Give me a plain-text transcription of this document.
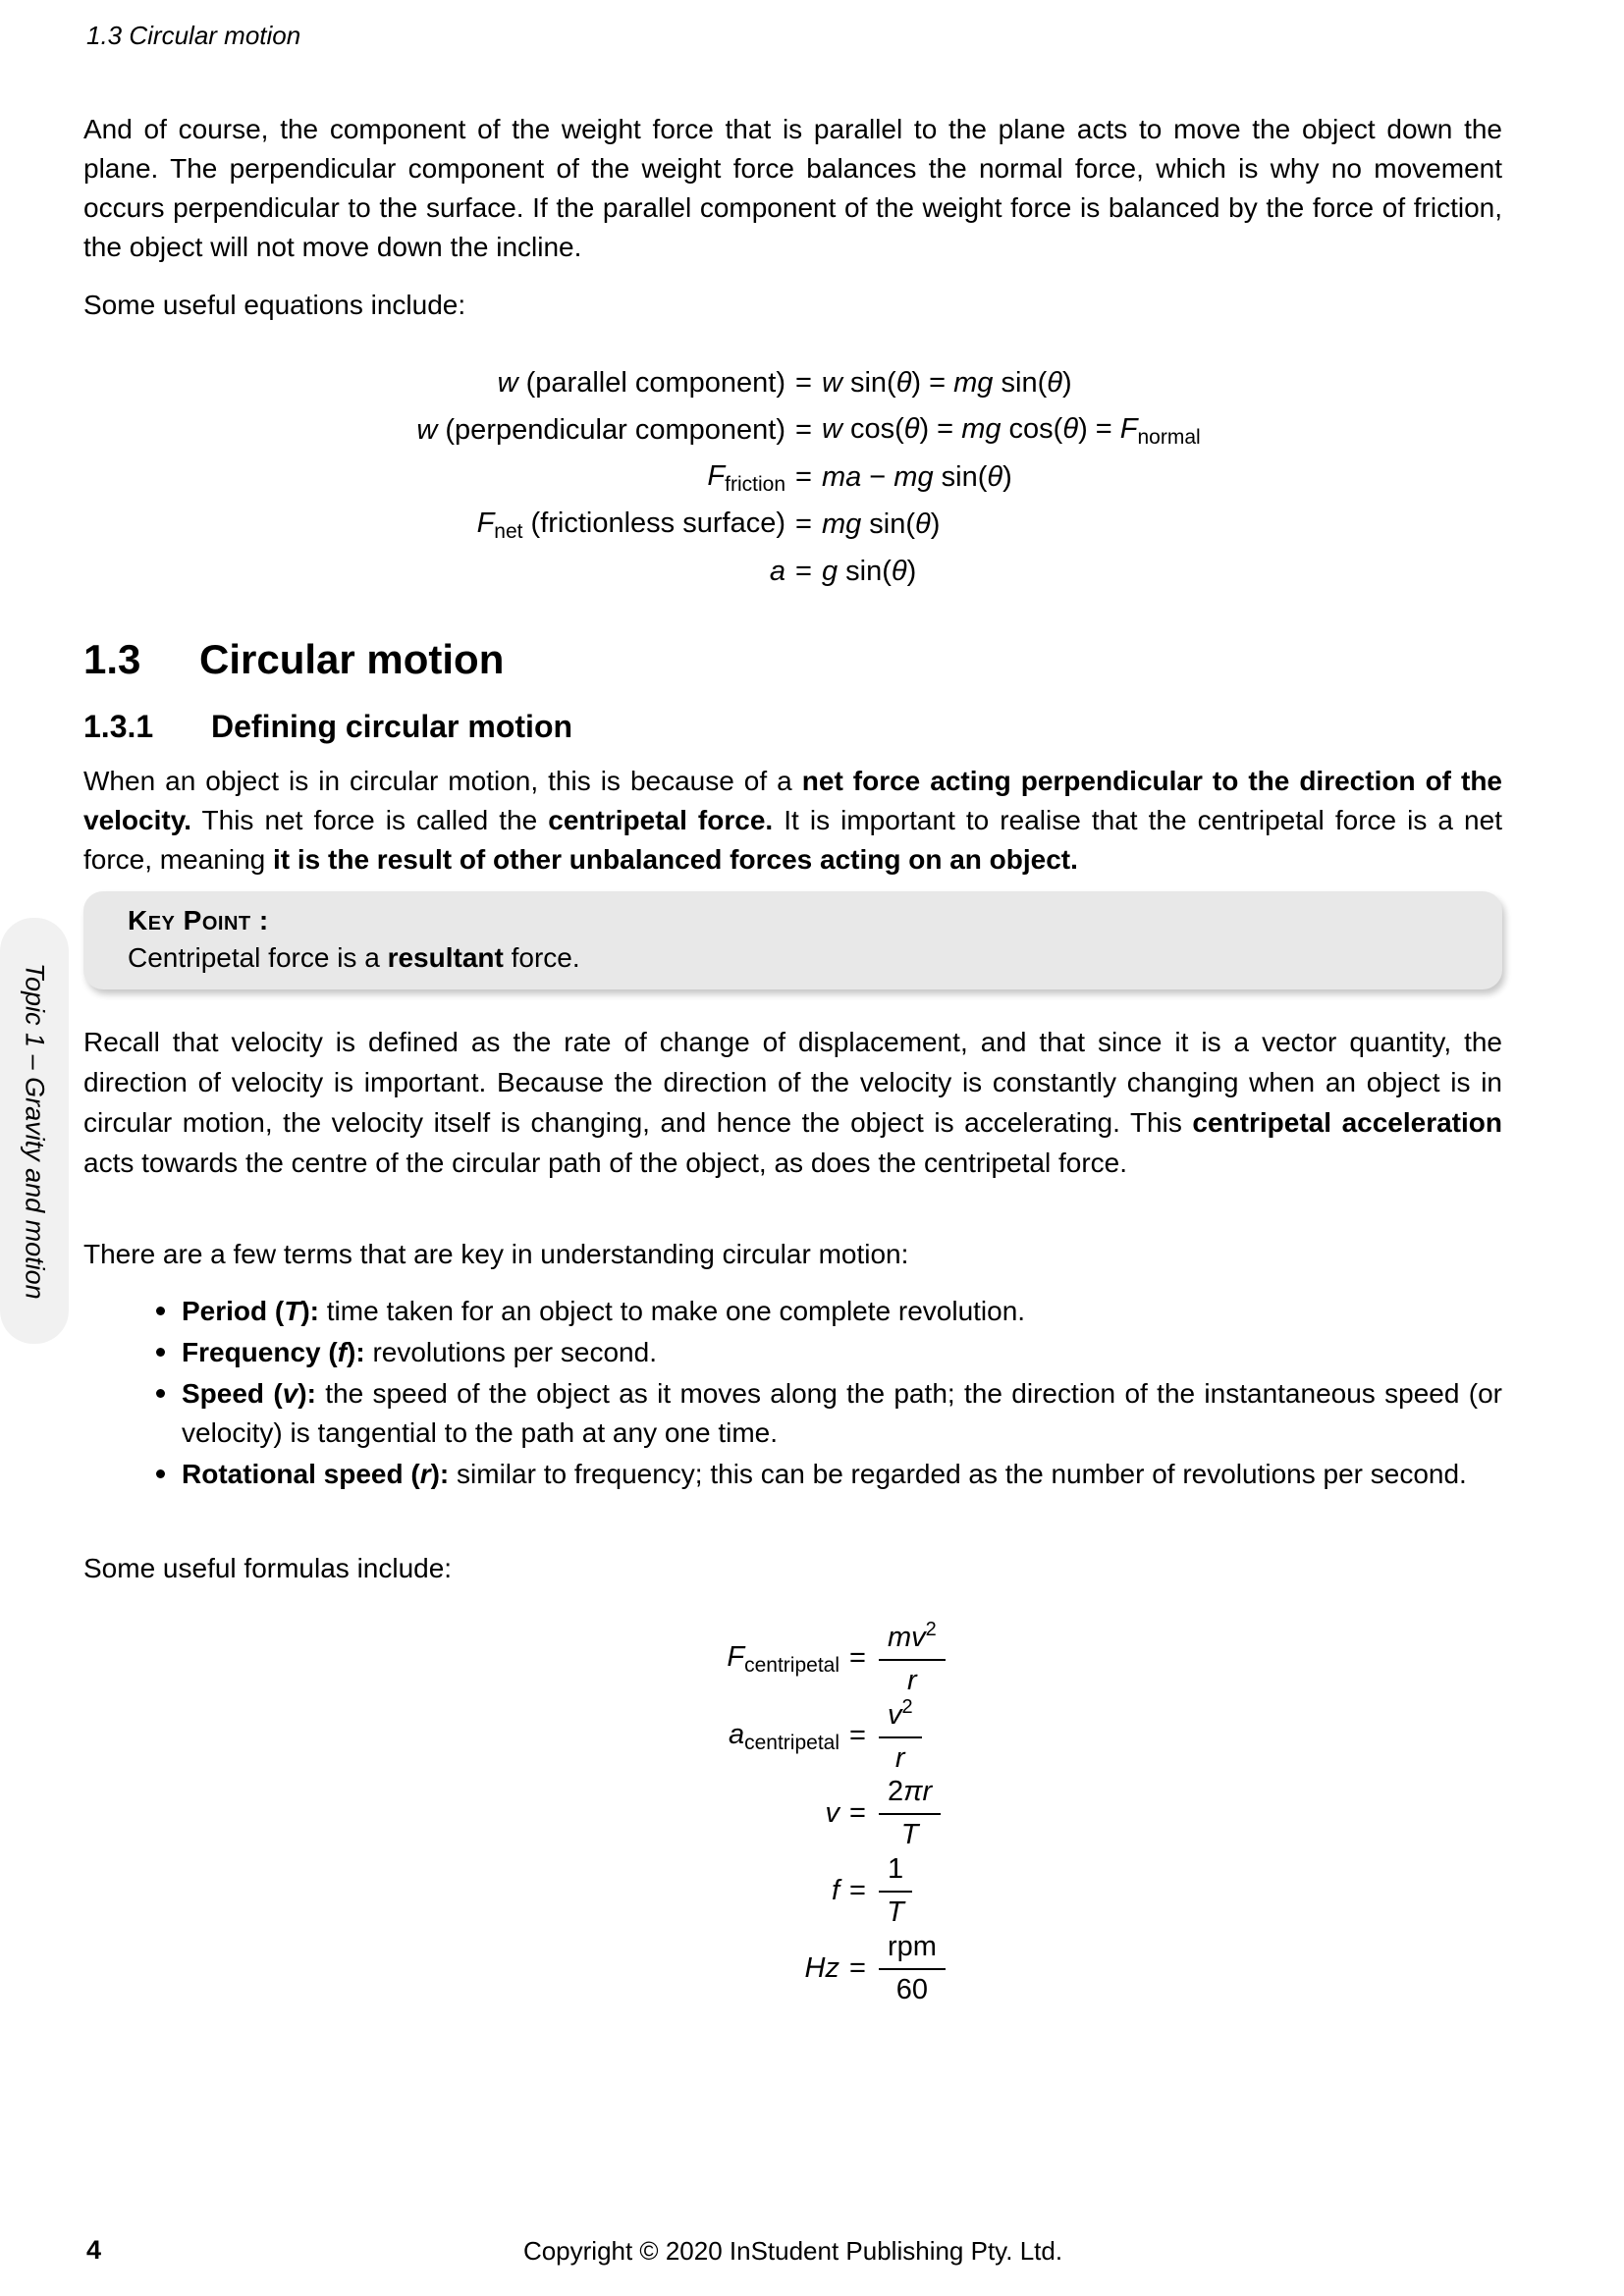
1.3 Circular motion
And of course, the component of the weight force that is parallel to the plane acts to move the object down the plane. The perpendicular component of the weight force balances the normal force, which is why no movement occurs perpendicular to the surface. If the parallel component of the weight force is balanced by the force of friction, the object will not move down the incline.
Some useful equations include:
w (parallel component) = w sin(θ) = mg sin(θ)
w (perpendicular component) = w cos(θ) = mg $\cos(\theta) = F_{normal}$
$F_{friction}$ = ma − mg sin(θ)
$F_{net}$ (frictionless surface) = mg sin(θ)
a = g sin(θ)
1.3	Circular motion
1.3.1	Defining circular motion
When an object is in circular motion, this is because of a net force acting perpendicular to the direction of the velocity. This net force is called the centripetal force. It is important to realise that the centripetal force is a net force, meaning it is the result of other unbalanced forces acting on an object.
Key Point :
Centripetal force is a resultant force.
Recall that velocity is defined as the rate of change of displacement, and that since it is a vector quantity, the direction of velocity is important. Because the direction of the velocity is constantly changing when an object is in circular motion, the velocity itself is changing, and hence the object is accelerating. This centripetal acceleration acts towards the centre of the circular path of the object, as does the centripetal force.
There are a few terms that are key in understanding circular motion:
Period (T): time taken for an object to make one complete revolution.
Frequency (f): revolutions per second.
Speed (v): the speed of the object as it moves along the path; the direction of the instantaneous speed (or velocity) is tangential to the path at any one time.
Rotational speed (r): similar to frequency; this can be regarded as the number of revolutions per second.
Some useful formulas include:
$F_{centripetal} = \frac{mv^2}{r}$
$a_{centripetal} = \frac{v^2}{r}$
$v = \frac{2\pi r}{T}$
$f = \frac{1}{T}$
$Hz = \frac{\text{rpm}}{60}$
Topic 1 – Gravity and motion
4	Copyright © 2020 InStudent Publishing Pty. Ltd.
